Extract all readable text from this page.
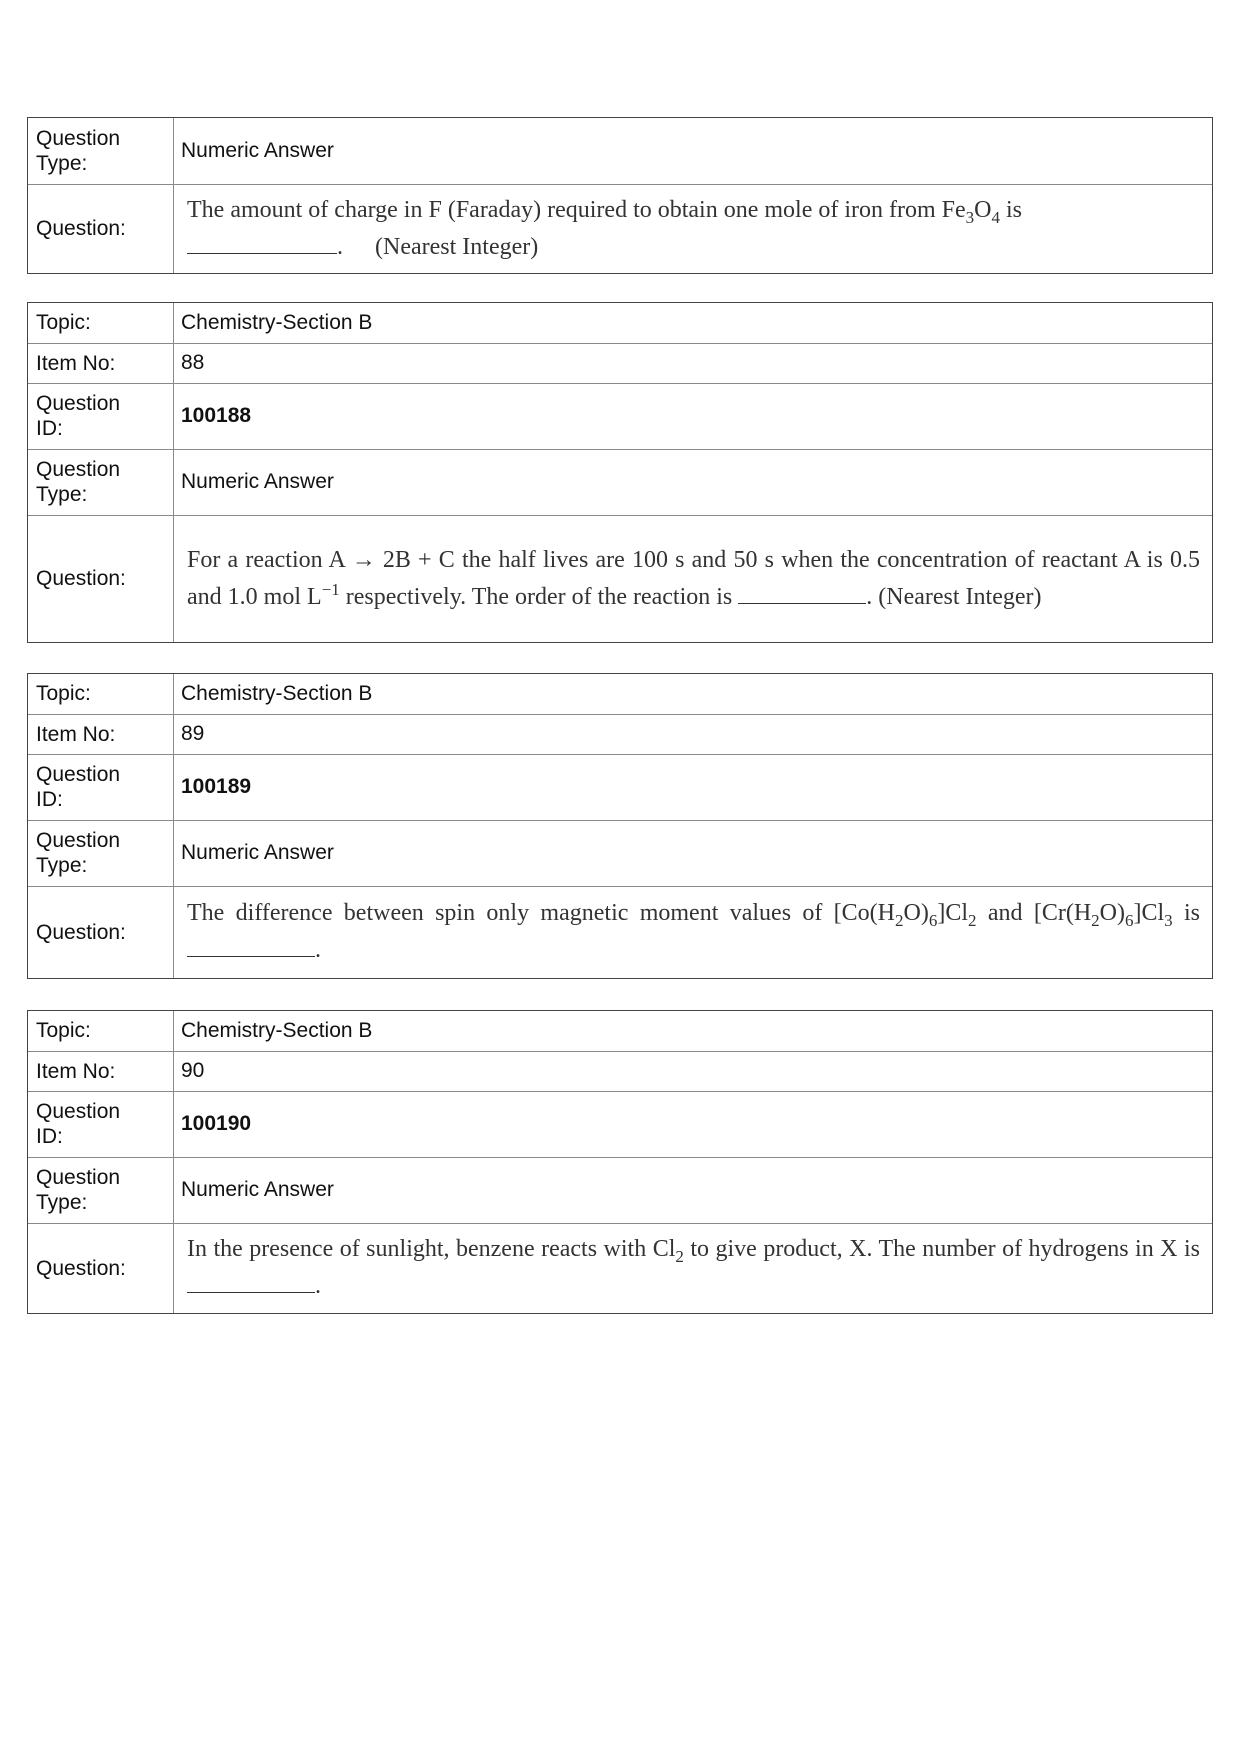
Question
Type:	Numeric Answer
Question:	The amount of charge in F (Faraday) required to obtain one mole of iron from $Fe_3O_4$ is
. (Nearest Integer)
Topic:	Chemistry-Section B
Item No:	88
Question
ID:	100188
Question
Type:	Numeric Answer
Question:	For a reaction A → 2B + C the half lives are 100 s and 50 s when the concentration of reactant A is 0.5 and 1.0 mol $L^{-1}$ respectively. The order of the reaction is . (Nearest Integer)
Topic:	Chemistry-Section B
Item No:	89
Question
ID:	100189
Question
Type:	Numeric Answer
Question:	The difference between spin only magnetic moment values of $[Co(H_2O)_6]Cl_2$ and $[Cr(H_2O)_6]Cl_3$ is .
Topic:	Chemistry-Section B
Item No:	90
Question
ID:	100190
Question
Type:	Numeric Answer
Question:	In the presence of sunlight, benzene reacts with $Cl_2$ to give product, X. The number of hydrogens in X is .
